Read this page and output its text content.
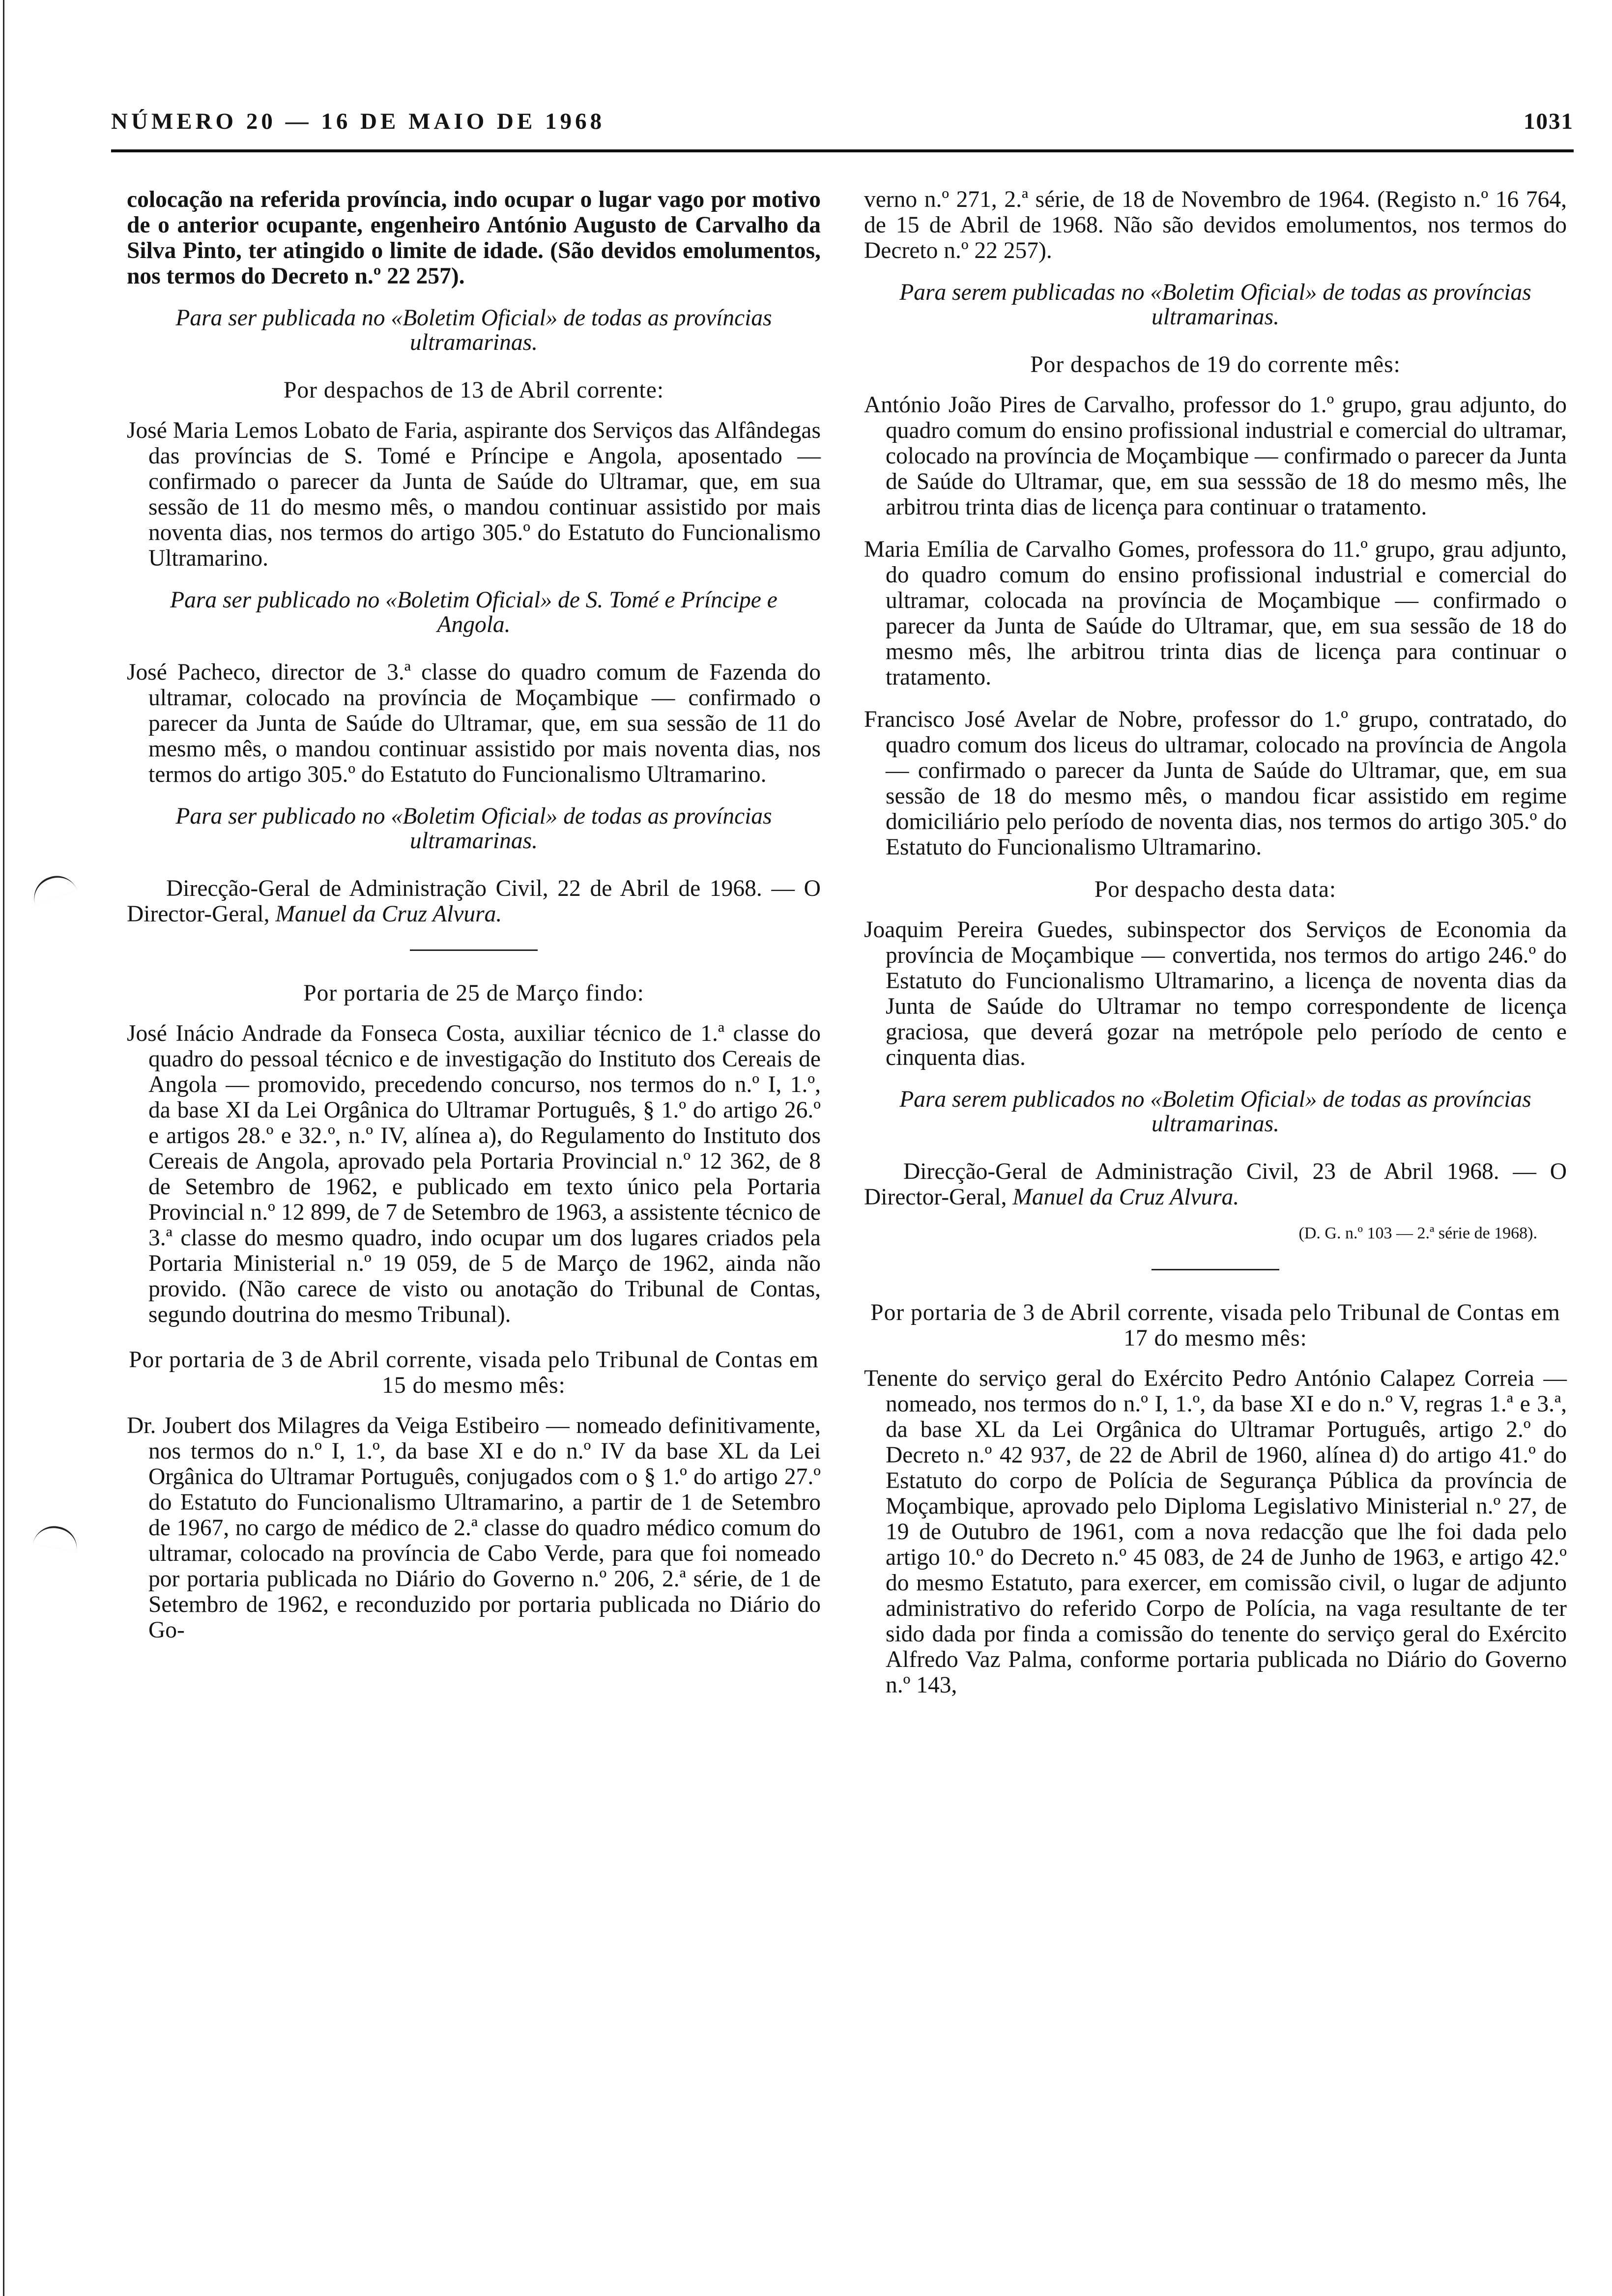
NÚMERO 20 — 16 DE MAIO DE 1968	1031

colocação na referida província, indo ocupar o lugar vago por motivo de o anterior ocupante, engenheiro António Augusto de Carvalho da Silva Pinto, ter atingido o limite de idade. (São devidos emolumentos, nos termos do Decreto n.º 22 257).

Para ser publicada no «Boletim Oficial» de todas as províncias ultramarinas.

Por despachos de 13 de Abril corrente:

José Maria Lemos Lobato de Faria, aspirante dos Serviços das Alfândegas das províncias de S. Tomé e Príncipe e Angola, aposentado — confirmado o parecer da Junta de Saúde do Ultramar, que, em sua sessão de 11 do mesmo mês, o mandou continuar assistido por mais noventa dias, nos termos do artigo 305.º do Estatuto do Funcionalismo Ultramarino.

Para ser publicado no «Boletim Oficial» de S. Tomé e Príncipe e Angola.

José Pacheco, director de 3.ª classe do quadro comum de Fazenda do ultramar, colocado na província de Moçambique — confirmado o parecer da Junta de Saúde do Ultramar, que, em sua sessão de 11 do mesmo mês, o mandou continuar assistido por mais noventa dias, nos termos do artigo 305.º do Estatuto do Funcionalismo Ultramarino.

Para ser publicado no «Boletim Oficial» de todas as províncias ultramarinas.

Direcção-Geral de Administração Civil, 22 de Abril de 1968. — O Director-Geral, Manuel da Cruz Alvura.

Por portaria de 25 de Março findo:

José Inácio Andrade da Fonseca Costa, auxiliar técnico de 1.ª classe do quadro do pessoal técnico e de investigação do Instituto dos Cereais de Angola — promovido, precedendo concurso, nos termos do n.º I, 1.º, da base XI da Lei Orgânica do Ultramar Português, § 1.º do artigo 26.º e artigos 28.º e 32.º, n.º IV, alínea a), do Regulamento do Instituto dos Cereais de Angola, aprovado pela Portaria Provincial n.º 12 362, de 8 de Setembro de 1962, e publicado em texto único pela Portaria Provincial n.º 12 899, de 7 de Setembro de 1963, a assistente técnico de 3.ª classe do mesmo quadro, indo ocupar um dos lugares criados pela Portaria Ministerial n.º 19 059, de 5 de Março de 1962, ainda não provido. (Não carece de visto ou anotação do Tribunal de Contas, segundo doutrina do mesmo Tribunal).

Por portaria de 3 de Abril corrente, visada pelo Tribunal de Contas em 15 do mesmo mês:

Dr. Joubert dos Milagres da Veiga Estibeiro — nomeado definitivamente, nos termos do n.º I, 1.º, da base XI e do n.º IV da base XL da Lei Orgânica do Ultramar Português, conjugados com o § 1.º do artigo 27.º do Estatuto do Funcionalismo Ultramarino, a partir de 1 de Setembro de 1967, no cargo de médico de 2.ª classe do quadro médico comum do ultramar, colocado na província de Cabo Verde, para que foi nomeado por portaria publicada no Diário do Governo n.º 206, 2.ª série, de 1 de Setembro de 1962, e reconduzido por portaria publicada no Diário do Go-

verno n.º 271, 2.ª série, de 18 de Novembro de 1964. (Registo n.º 16 764, de 15 de Abril de 1968. Não são devidos emolumentos, nos termos do Decreto n.º 22 257).

Para serem publicadas no «Boletim Oficial» de todas as províncias ultramarinas.

Por despachos de 19 do corrente mês:

António João Pires de Carvalho, professor do 1.º grupo, grau adjunto, do quadro comum do ensino profissional industrial e comercial do ultramar, colocado na província de Moçambique — confirmado o parecer da Junta de Saúde do Ultramar, que, em sua sesssão de 18 do mesmo mês, lhe arbitrou trinta dias de licença para continuar o tratamento.

Maria Emília de Carvalho Gomes, professora do 11.º grupo, grau adjunto, do quadro comum do ensino profissional industrial e comercial do ultramar, colocada na província de Moçambique — confirmado o parecer da Junta de Saúde do Ultramar, que, em sua sessão de 18 do mesmo mês, lhe arbitrou trinta dias de licença para continuar o tratamento.

Francisco José Avelar de Nobre, professor do 1.º grupo, contratado, do quadro comum dos liceus do ultramar, colocado na província de Angola — confirmado o parecer da Junta de Saúde do Ultramar, que, em sua sessão de 18 do mesmo mês, o mandou ficar assistido em regime domiciliário pelo período de noventa dias, nos termos do artigo 305.º do Estatuto do Funcionalismo Ultramarino.

Por despacho desta data:

Joaquim Pereira Guedes, subinspector dos Serviços de Economia da província de Moçambique — convertida, nos termos do artigo 246.º do Estatuto do Funcionalismo Ultramarino, a licença de noventa dias da Junta de Saúde do Ultramar no tempo correspondente de licença graciosa, que deverá gozar na metrópole pelo período de cento e cinquenta dias.

Para serem publicados no «Boletim Oficial» de todas as províncias ultramarinas.

Direcção-Geral de Administração Civil, 23 de Abril 1968. — O Director-Geral, Manuel da Cruz Alvura.

(D. G. n.º 103 — 2.ª série de 1968).

Por portaria de 3 de Abril corrente, visada pelo Tribunal de Contas em 17 do mesmo mês:

Tenente do serviço geral do Exército Pedro António Calapez Correia — nomeado, nos termos do n.º I, 1.º, da base XI e do n.º V, regras 1.ª e 3.ª, da base XL da Lei Orgânica do Ultramar Português, artigo 2.º do Decreto n.º 42 937, de 22 de Abril de 1960, alínea d) do artigo 41.º do Estatuto do corpo de Polícia de Segurança Pública da província de Moçambique, aprovado pelo Diploma Legislativo Ministerial n.º 27, de 19 de Outubro de 1961, com a nova redacção que lhe foi dada pelo artigo 10.º do Decreto n.º 45 083, de 24 de Junho de 1963, e artigo 42.º do mesmo Estatuto, para exercer, em comissão civil, o lugar de adjunto administrativo do referido Corpo de Polícia, na vaga resultante de ter sido dada por finda a comissão do tenente do serviço geral do Exército Alfredo Vaz Palma, conforme portaria publicada no Diário do Governo n.º 143,
